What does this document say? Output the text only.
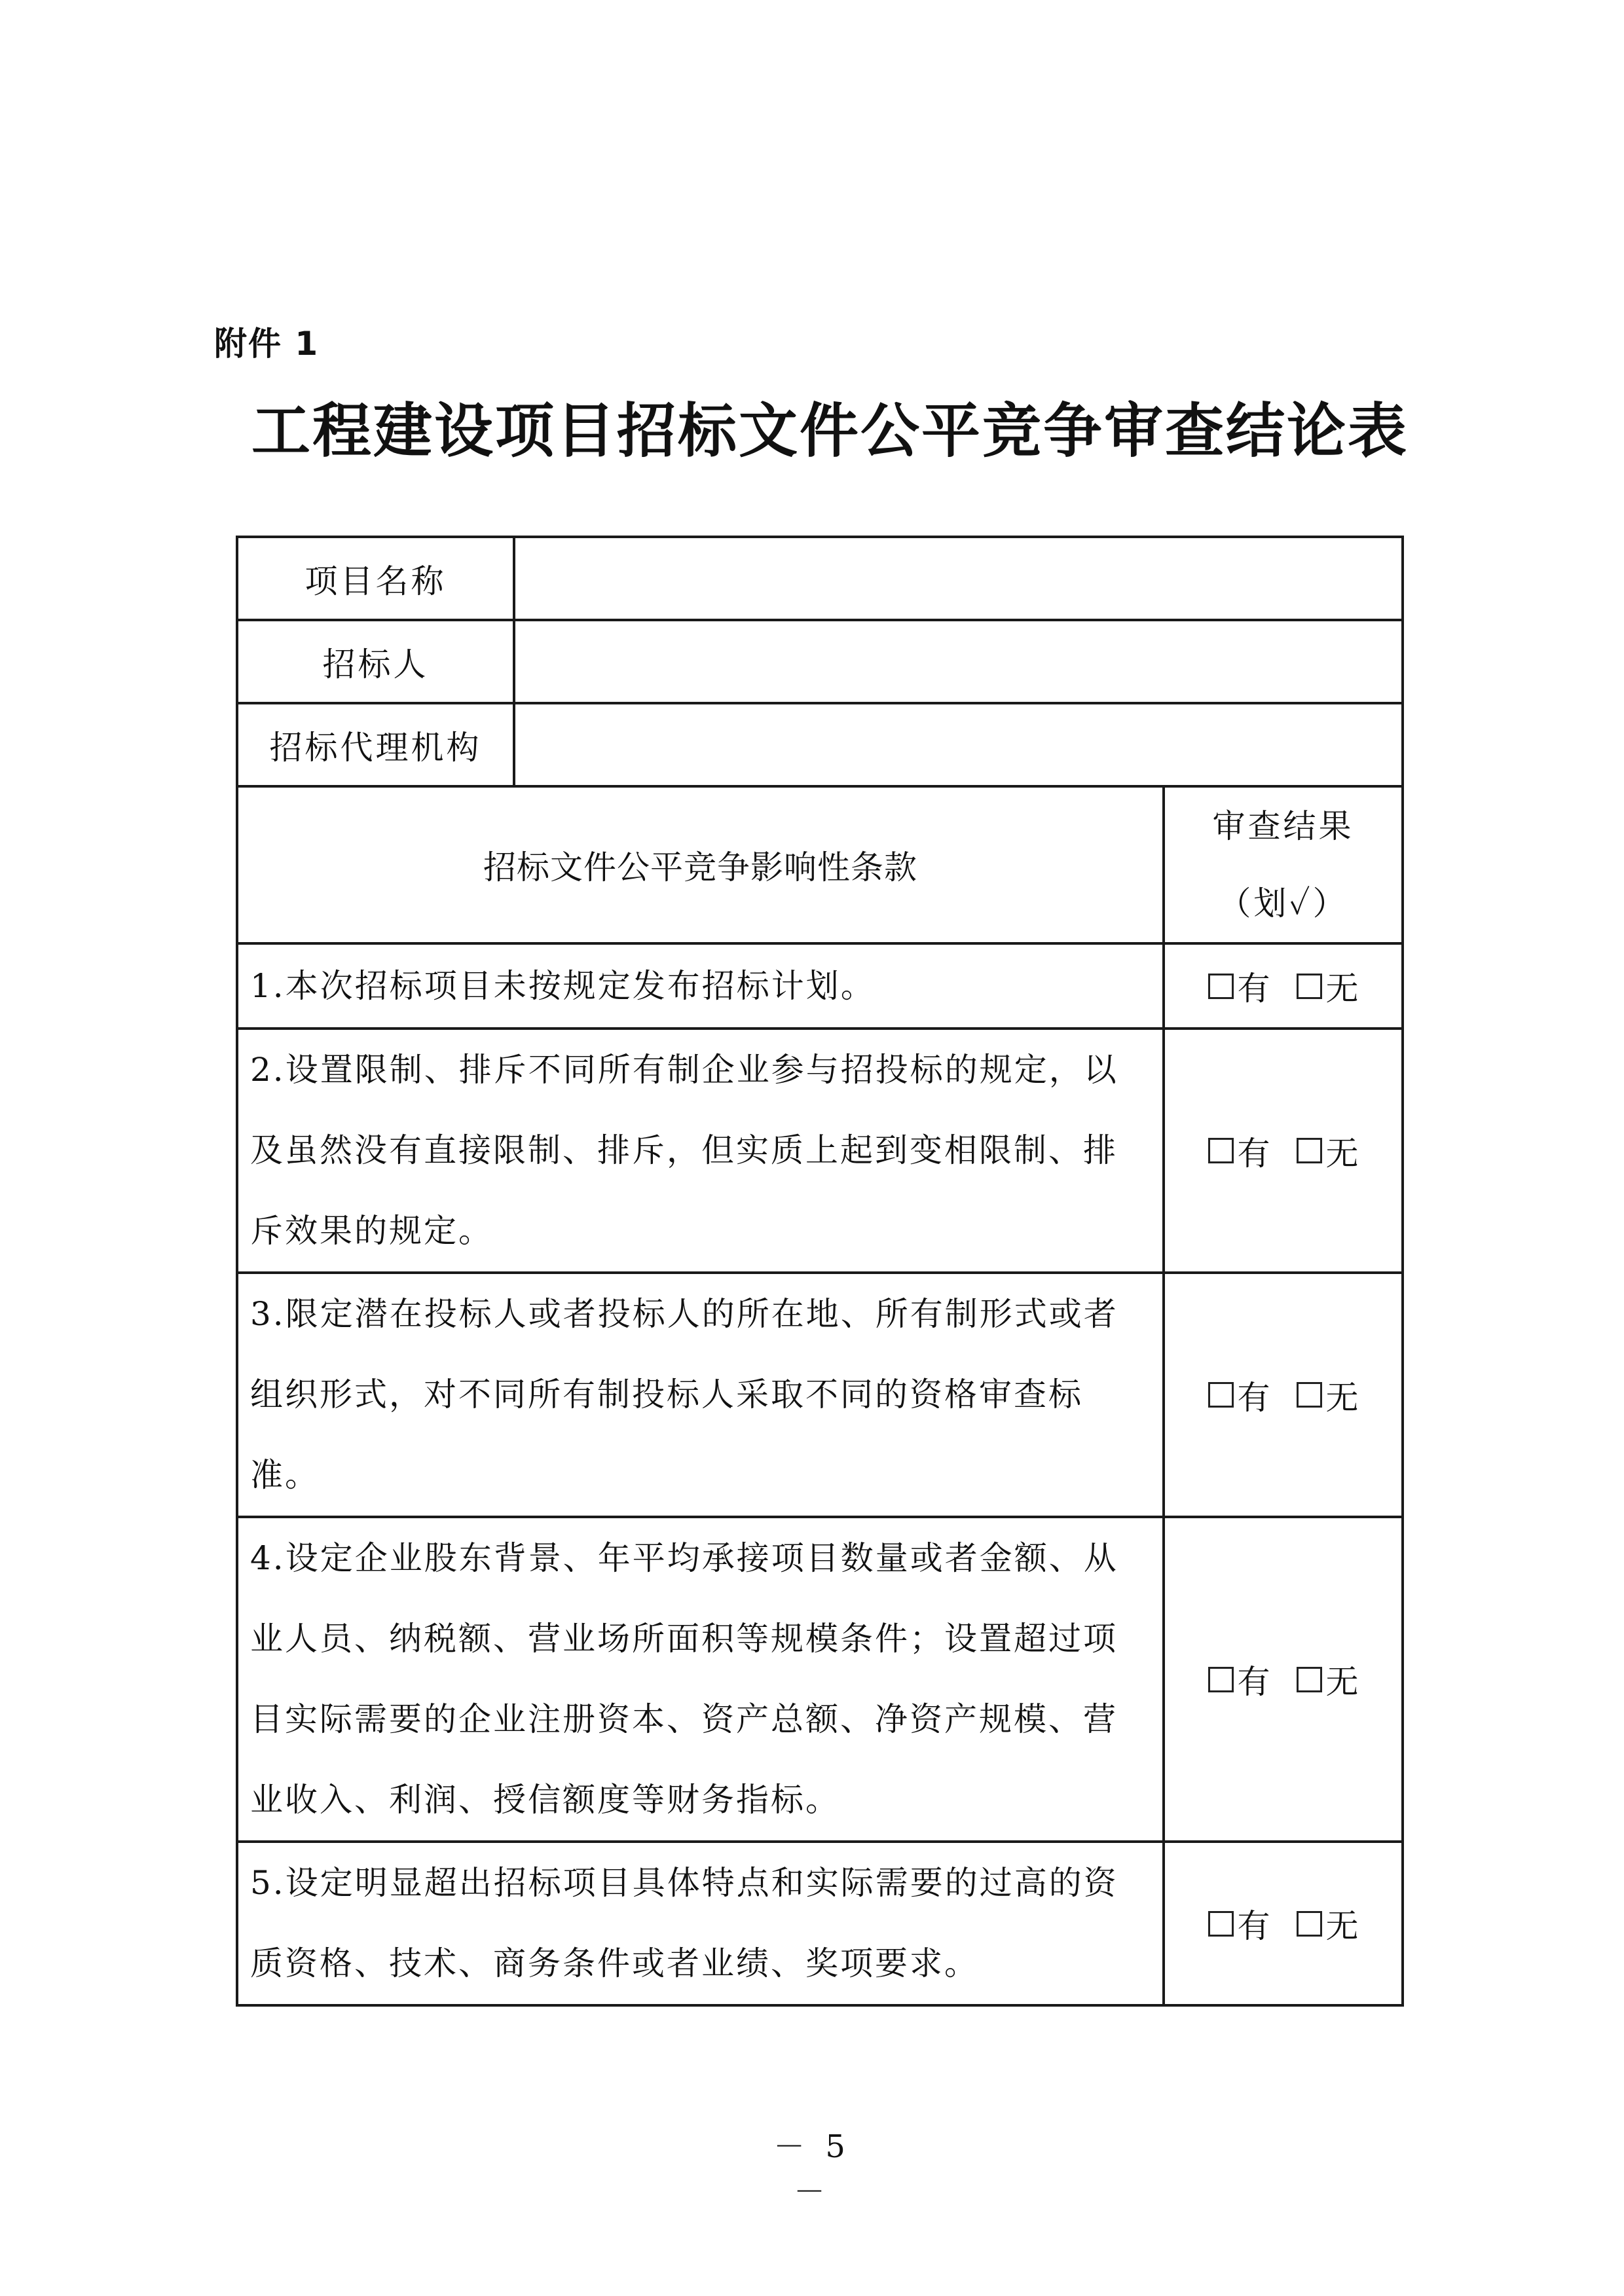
附件 1
工程建设项目招标文件公平竞争审查结论表
项目名称		
招标人		
招标代理机构		
招标文件公平竞争影响性条款		审查结果
（划✓）

1.本次招标项目未按规定发布招标计划。		有 无

2.设置限制、排斥不同所有制企业参与招投标的规定，以及虽然没有直接限制、排斥，但实质上起到变相限制、排斥效果的规定。		有 无

3.限定潜在投标人或者投标人的所在地、所有制形式或者组织形式，对不同所有制投标人采取不同的资格审查标准。		有 无

4.设定企业股东背景、年平均承接项目数量或者金额、从业人员、纳税额、营业场所面积等规模条件；设置超过项目实际需要的企业注册资本、资产总额、净资产规模、营业收入、利润、授信额度等财务指标。		有 无

5.设定明显超出招标项目具体特点和实际需要的过高的资质资格、技术、商务条件或者业绩、奖项要求。		有 无
－ 5 －
